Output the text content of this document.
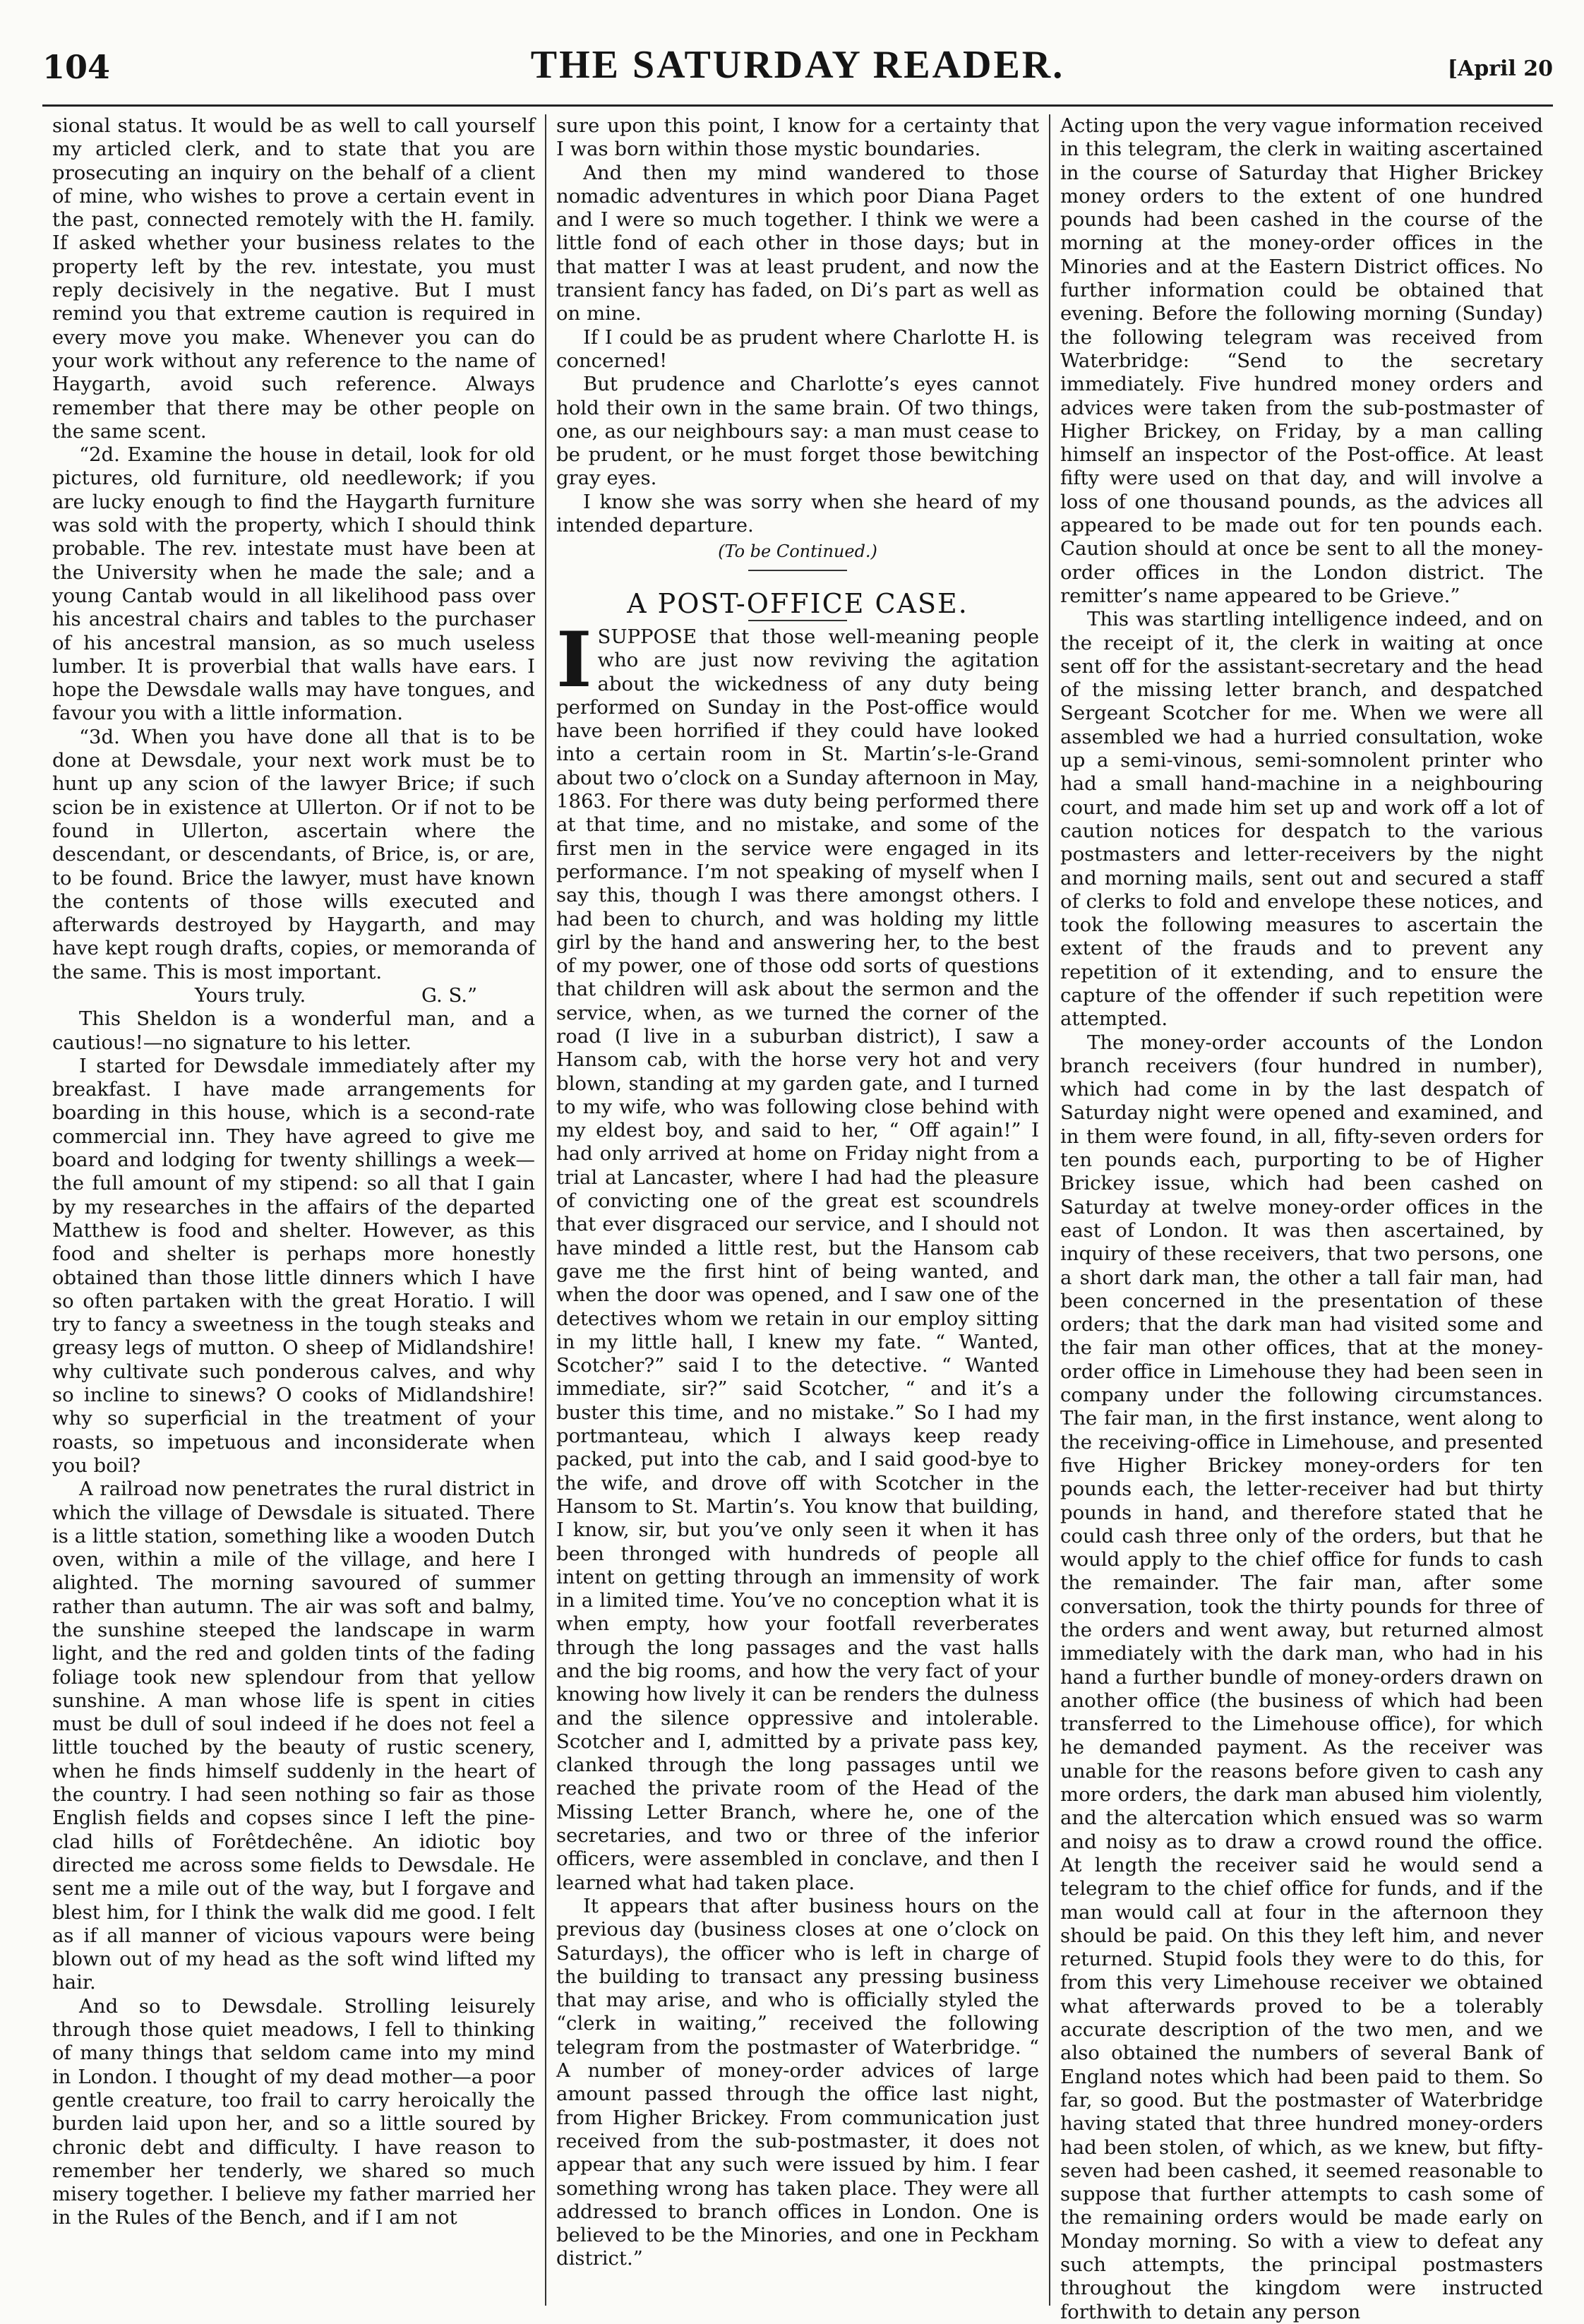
104	THE SATURDAY READER.	[April 20

sional status. It would be as well to call yourself my articled clerk, and to state that you are prosecuting an inquiry on the behalf of a client of mine, who wishes to prove a certain event in the past, connected remotely with the H. family. If asked whether your business relates to the property left by the rev. intestate, you must reply decisively in the negative. But I must remind you that extreme caution is required in every move you make. Whenever you can do your work without any reference to the name of Haygarth, avoid such reference. Always remember that there may be other people on the same scent.

“2d. Examine the house in detail, look for old pictures, old furniture, old needlework; if you are lucky enough to find the Haygarth furniture was sold with the property, which I should think probable. The rev. intestate must have been at the University when he made the sale; and a young Cantab would in all likelihood pass over his ancestral chairs and tables to the purchaser of his ancestral mansion, as so much useless lumber. It is proverbial that walls have ears. I hope the Dewsdale walls may have tongues, and favour you with a little information.

“3d. When you have done all that is to be done at Dewsdale, your next work must be to hunt up any scion of the lawyer Brice; if such scion be in existence at Ullerton. Or if not to be found in Ullerton, ascertain where the descendant, or descendants, of Brice, is, or are, to be found. Brice the lawyer, must have known the contents of those wills executed and afterwards destroyed by Haygarth, and may have kept rough drafts, copies, or memoranda of the same. This is most important.

Yours truly.	G. S.”

This Sheldon is a wonderful man, and a cautious!—no signature to his letter.

I started for Dewsdale immediately after my breakfast. I have made arrangements for boarding in this house, which is a second-rate commercial inn. They have agreed to give me board and lodging for twenty shillings a week—the full amount of my stipend: so all that I gain by my researches in the affairs of the departed Matthew is food and shelter. However, as this food and shelter is perhaps more honestly obtained than those little dinners which I have so often partaken with the great Horatio. I will try to fancy a sweetness in the tough steaks and greasy legs of mutton. O sheep of Midlandshire! why cultivate such ponderous calves, and why so incline to sinews? O cooks of Midlandshire! why so superficial in the treatment of your roasts, so impetuous and inconsiderate when you boil?

A railroad now penetrates the rural district in which the village of Dewsdale is situated. There is a little station, something like a wooden Dutch oven, within a mile of the village, and here I alighted. The morning savoured of summer rather than autumn. The air was soft and balmy, the sunshine steeped the landscape in warm light, and the red and golden tints of the fading foliage took new splendour from that yellow sunshine. A man whose life is spent in cities must be dull of soul indeed if he does not feel a little touched by the beauty of rustic scenery, when he finds himself suddenly in the heart of the country. I had seen nothing so fair as those English fields and copses since I left the pine-clad hills of Forêtdechêne. An idiotic boy directed me across some fields to Dewsdale. He sent me a mile out of the way, but I forgave and blest him, for I think the walk did me good. I felt as if all manner of vicious vapours were being blown out of my head as the soft wind lifted my hair.

And so to Dewsdale. Strolling leisurely through those quiet meadows, I fell to thinking of many things that seldom came into my mind in London. I thought of my dead mother—a poor gentle creature, too frail to carry heroically the burden laid upon her, and so a little soured by chronic debt and difficulty. I have reason to remember her tenderly, we shared so much misery together. I believe my father married her in the Rules of the Bench, and if I am not

sure upon this point, I know for a certainty that I was born within those mystic boundaries.

And then my mind wandered to those nomadic adventures in which poor Diana Paget and I were so much together. I think we were a little fond of each other in those days; but in that matter I was at least prudent, and now the transient fancy has faded, on Di’s part as well as on mine.

If I could be as prudent where Charlotte H. is concerned!

But prudence and Charlotte’s eyes cannot hold their own in the same brain. Of two things, one, as our neighbours say: a man must cease to be prudent, or he must forget those bewitching gray eyes.

I know she was sorry when she heard of my intended departure.

(To be Continued.)
A POST-OFFICE CASE.

ISUPPOSE that those well-meaning people who are just now reviving the agitation about the wickedness of any duty being performed on Sunday in the Post-office would have been horrified if they could have looked into a certain room in St. Martin’s-le-Grand about two o’clock on a Sunday afternoon in May, 1863. For there was duty being performed there at that time, and no mistake, and some of the first men in the service were engaged in its performance. I’m not speaking of myself when I say this, though I was there amongst others. I had been to church, and was holding my little girl by the hand and answering her, to the best of my power, one of those odd sorts of questions that children will ask about the sermon and the service, when, as we turned the corner of the road (I live in a suburban district), I saw a Hansom cab, with the horse very hot and very blown, standing at my garden gate, and I turned to my wife, who was following close behind with my eldest boy, and said to her, “ Off again!” I had only arrived at home on Friday night from a trial at Lancaster, where I had had the pleasure of convicting one of the great est scoundrels that ever disgraced our service, and I should not have minded a little rest, but the Hansom cab gave me the first hint of being wanted, and when the door was opened, and I saw one of the detectives whom we retain in our employ sitting in my little hall, I knew my fate. “ Wanted, Scotcher?” said I to the detective. “ Wanted immediate, sir?” said Scotcher, “ and it’s a buster this time, and no mistake.” So I had my portmanteau, which I always keep ready packed, put into the cab, and I said good-bye to the wife, and drove off with Scotcher in the Hansom to St. Martin’s. You know that building, I know, sir, but you’ve only seen it when it has been thronged with hundreds of people all intent on getting through an immensity of work in a limited time. You’ve no conception what it is when empty, how your footfall reverberates through the long passages and the vast halls and the big rooms, and how the very fact of your knowing how lively it can be renders the dulness and the silence oppressive and intolerable. Scotcher and I, admitted by a private pass key, clanked through the long passages until we reached the private room of the Head of the Missing Letter Branch, where he, one of the secretaries, and two or three of the inferior officers, were assembled in conclave, and then I learned what had taken place.

It appears that after business hours on the previous day (business closes at one o’clock on Saturdays), the officer who is left in charge of the building to transact any pressing business that may arise, and who is officially styled the “clerk in waiting,” received the following telegram from the postmaster of Waterbridge. “ A number of money-order advices of large amount passed through the office last night, from Higher Brickey. From communication just received from the sub-postmaster, it does not appear that any such were issued by him. I fear something wrong has taken place. They were all addressed to branch offices in London. One is believed to be the Minories, and one in Peckham district.”

Acting upon the very vague information received in this telegram, the clerk in waiting ascertained in the course of Saturday that Higher Brickey money orders to the extent of one hundred pounds had been cashed in the course of the morning at the money-order offices in the Minories and at the Eastern District offices. No further information could be obtained that evening. Before the following morning (Sunday) the following telegram was received from Waterbridge: “Send to the secretary immediately. Five hundred money orders and advices were taken from the sub-postmaster of Higher Brickey, on Friday, by a man calling himself an inspector of the Post-office. At least fifty were used on that day, and will involve a loss of one thousand pounds, as the advices all appeared to be made out for ten pounds each. Caution should at once be sent to all the money-order offices in the London district. The remitter’s name appeared to be Grieve.”

This was startling intelligence indeed, and on the receipt of it, the clerk in waiting at once sent off for the assistant-secretary and the head of the missing letter branch, and despatched Sergeant Scotcher for me. When we were all assembled we had a hurried consultation, woke up a semi-vinous, semi-somnolent printer who had a small hand-machine in a neighbouring court, and made him set up and work off a lot of caution notices for despatch to the various postmasters and letter-receivers by the night and morning mails, sent out and secured a staff of clerks to fold and envelope these notices, and took the following measures to ascertain the extent of the frauds and to prevent any repetition of it extending, and to ensure the capture of the offender if such repetition were attempted.

The money-order accounts of the London branch receivers (four hundred in number), which had come in by the last despatch of Saturday night were opened and examined, and in them were found, in all, fifty-seven orders for ten pounds each, purporting to be of Higher Brickey issue, which had been cashed on Saturday at twelve money-order offices in the east of London. It was then ascertained, by inquiry of these receivers, that two persons, one a short dark man, the other a tall fair man, had been concerned in the presentation of these orders; that the dark man had visited some and the fair man other offices, that at the money-order office in Limehouse they had been seen in company under the following circumstances. The fair man, in the first instance, went along to the receiving-office in Limehouse, and presented five Higher Brickey money-orders for ten pounds each, the letter-receiver had but thirty pounds in hand, and therefore stated that he could cash three only of the orders, but that he would apply to the chief office for funds to cash the remainder. The fair man, after some conversation, took the thirty pounds for three of the orders and went away, but returned almost immediately with the dark man, who had in his hand a further bundle of money-orders drawn on another office (the business of which had been transferred to the Limehouse office), for which he demanded payment. As the receiver was unable for the reasons before given to cash any more orders, the dark man abused him violently, and the altercation which ensued was so warm and noisy as to draw a crowd round the office. At length the receiver said he would send a telegram to the chief office for funds, and if the man would call at four in the afternoon they should be paid. On this they left him, and never returned. Stupid fools they were to do this, for from this very Limehouse receiver we obtained what afterwards proved to be a tolerably accurate description of the two men, and we also obtained the numbers of several Bank of England notes which had been paid to them. So far, so good. But the postmaster of Waterbridge having stated that three hundred money-orders had been stolen, of which, as we knew, but fifty-seven had been cashed, it seemed reasonable to suppose that further attempts to cash some of the remaining orders would be made early on Monday morning. So with a view to defeat any such attempts, the principal postmasters throughout the kingdom were instructed forthwith to detain any person
